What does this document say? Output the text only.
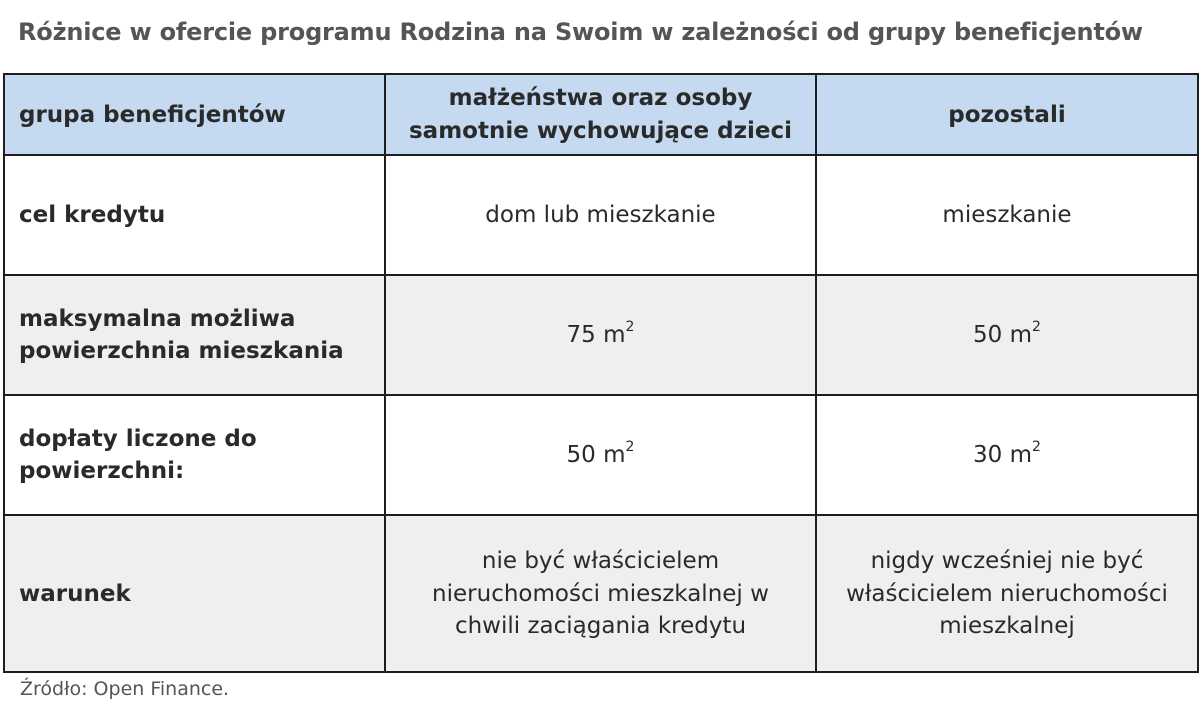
Różnice w ofercie programu Rodzina na Swoim w zależności od grupy beneficjentów
grupa beneficjentów	małżeństwa oraz osoby samotnie wychowujące dzieci	pozostali
cel kredytu	dom lub mieszkanie	mieszkanie
maksymalna możliwa powierzchnia mieszkania	75 $m^2$	50 $m^2$
dopłaty liczone do powierzchni:	50 $m^2$	30 $m^2$
warunek	nie być właścicielem nieruchomości mieszkalnej w chwili zaciągania kredytu	nigdy wcześniej nie być właścicielem nieruchomości mieszkalnej
Źródło: Open Finance.
